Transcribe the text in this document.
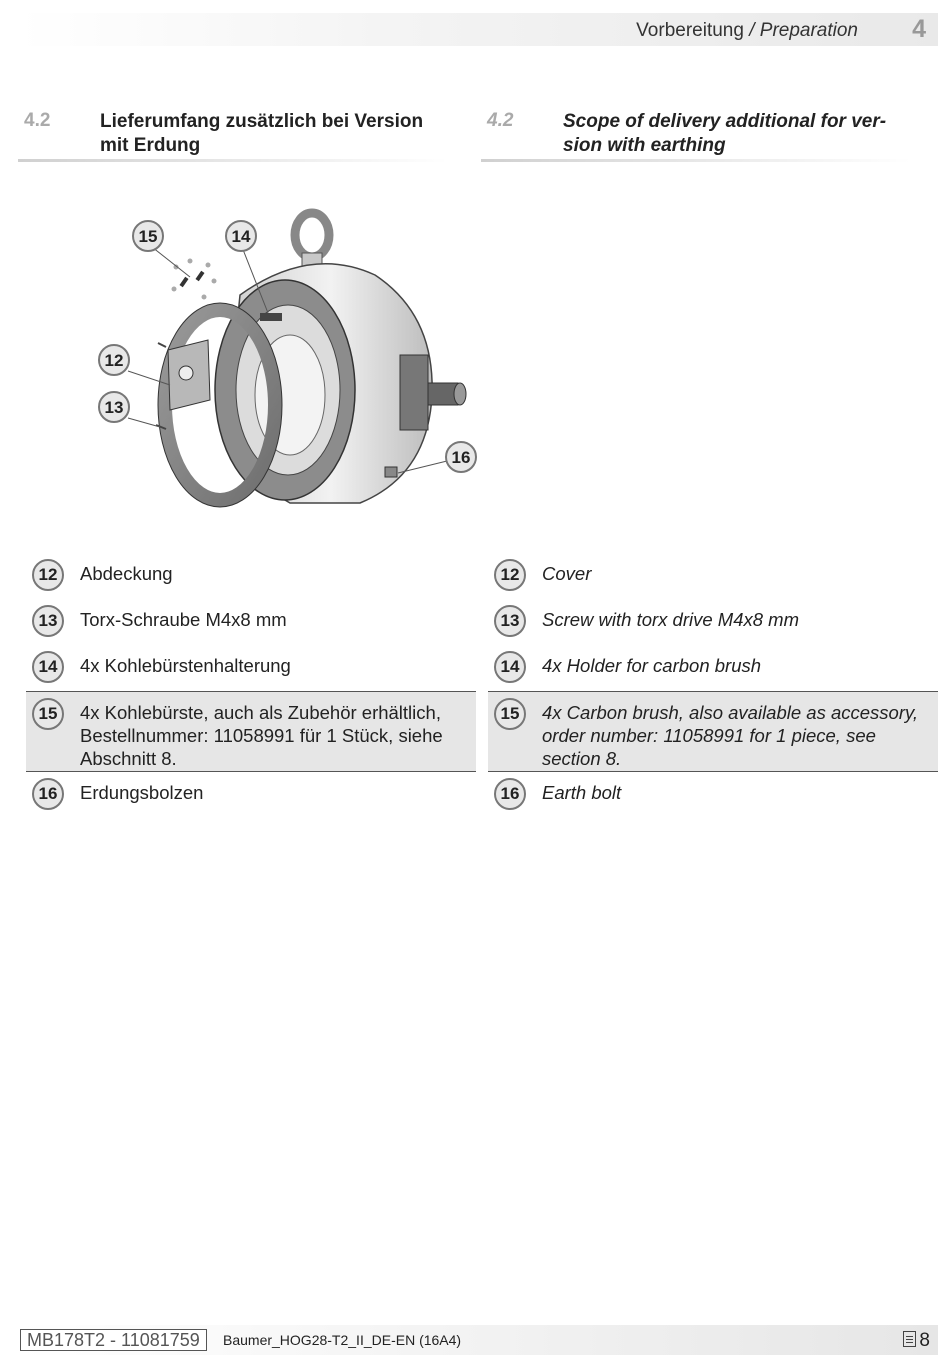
Vorbereitung / Preparation 4
4.2	Lieferumfang zusätzlich bei Version mit Erdung
4.2	Scope of delivery additional for ver-sion with earthing
15	14
12
13
16
12	Abdeckung
13	Torx-Schraube M4x8 mm
14	4x Kohlebürstenhalterung
15	4x Kohlebürste, auch als Zubehör erhältlich, Bestellnummer: 11058991 für 1 Stück, siehe Abschnitt 8.
16	Erdungsbolzen
12	Cover
13	Screw with torx drive M4x8 mm
14	4x Holder for carbon brush
15	4x Carbon brush, also available as accessory, order number: 11058991 for 1 piece, see section 8.
16	Earth bolt
MB178T2 - 11081759	Baumer_HOG28-T2_II_DE-EN (16A4)	8
